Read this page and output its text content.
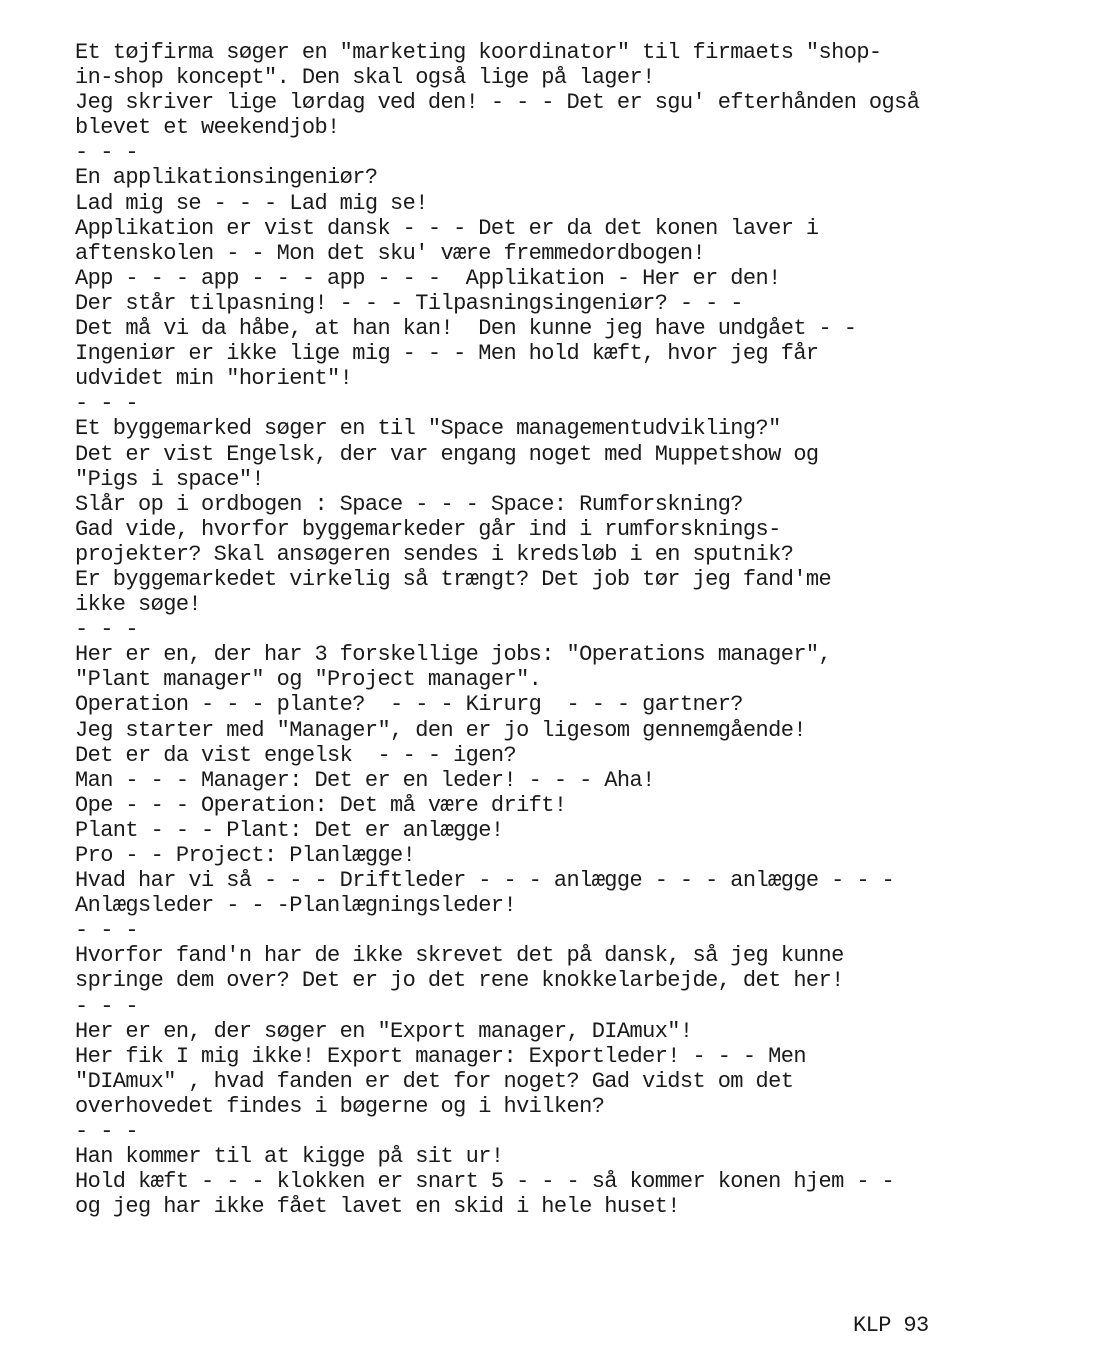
Et tøjfirma søger en "marketing koordinator" til firmaets "shop-
in-shop koncept". Den skal også lige på lager!
Jeg skriver lige lørdag ved den! - - - Det er sgu' efterhånden også
blevet et weekendjob!
- - -
En applikationsingeniør?
Lad mig se - - - Lad mig se!
Applikation er vist dansk - - - Det er da det konen laver i
aftenskolen - - Mon det sku' være fremmedordbogen!
App - - - app - - - app - - -  Applikation - Her er den!
Der står tilpasning! - - - Tilpasningsingeniør? - - -
Det må vi da håbe, at han kan!  Den kunne jeg have undgået - -
Ingeniør er ikke lige mig - - - Men hold kæft, hvor jeg får
udvidet min "horient"!
- - -
Et byggemarked søger en til "Space managementudvikling?"
Det er vist Engelsk, der var engang noget med Muppetshow og
"Pigs i space"!
Slår op i ordbogen : Space - - - Space: Rumforskning?
Gad vide, hvorfor byggemarkeder går ind i rumforsknings-
projekter? Skal ansøgeren sendes i kredsløb i en sputnik?
Er byggemarkedet virkelig så trængt? Det job tør jeg fand'me
ikke søge!
- - -
Her er en, der har 3 forskellige jobs: "Operations manager",
"Plant manager" og "Project manager".
Operation - - - plante?  - - - Kirurg  - - - gartner?
Jeg starter med "Manager", den er jo ligesom gennemgående!
Det er da vist engelsk  - - - igen?
Man - - - Manager: Det er en leder! - - - Aha!
Ope - - - Operation: Det må være drift!
Plant - - - Plant: Det er anlægge!
Pro - - Project: Planlægge!
Hvad har vi så - - - Driftleder - - - anlægge - - - anlægge - - -
Anlægsleder - - -Planlægningsleder!
- - -
Hvorfor fand'n har de ikke skrevet det på dansk, så jeg kunne
springe dem over? Det er jo det rene knokkelarbejde, det her!
- - -
Her er en, der søger en "Export manager, DIAmux"!
Her fik I mig ikke! Export manager: Exportleder! - - - Men
"DIAmux" , hvad fanden er det for noget? Gad vidst om det
overhovedet findes i bøgerne og i hvilken?
- - -
Han kommer til at kigge på sit ur!
Hold kæft - - - klokken er snart 5 - - - så kommer konen hjem - -
og jeg har ikke fået lavet en skid i hele huset!
KLP 93
